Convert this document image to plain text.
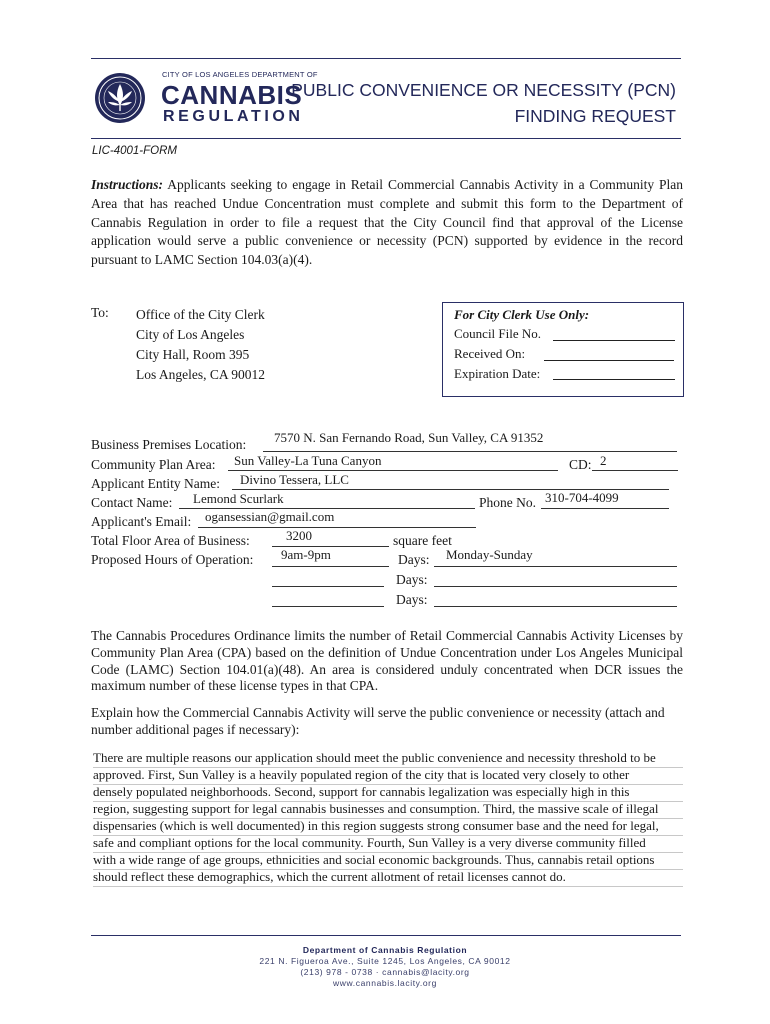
CITY OF LOS ANGELES DEPARTMENT OF
CANNABIS
REGULATION
PUBLIC CONVENIENCE OR NECESSITY (PCN)
FINDING REQUEST
LIC-4001-FORM
Instructions: Applicants seeking to engage in Retail Commercial Cannabis Activity in a Community Plan Area that has reached Undue Concentration must complete and submit this form to the Department of Cannabis Regulation in order to file a request that the City Council find that approval of the License application would serve a public convenience or necessity (PCN) supported by evidence in the record pursuant to LAMC Section 104.03(a)(4).
To: Office of the City Clerk
City of Los Angeles
City Hall, Room 395
Los Angeles, CA 90012
For City Clerk Use Only:
Council File No.
Received On:
Expiration Date:
Business Premises Location: 7570 N. San Fernando Road, Sun Valley, CA 91352
Community Plan Area: Sun Valley-La Tuna Canyon	CD: 2
Applicant Entity Name: Divino Tessera, LLC
Contact Name: Lemond Scurlark	Phone No. 310-704-4099
Applicant's Email: ogansessian@gmail.com
Total Floor Area of Business:	3200	square feet
Proposed Hours of Operation: 9am-9pm	Days: Monday-Sunday
Days:
Days:
The Cannabis Procedures Ordinance limits the number of Retail Commercial Cannabis Activity Licenses by Community Plan Area (CPA) based on the definition of Undue Concentration under Los Angeles Municipal Code (LAMC) Section 104.01(a)(48). An area is considered unduly concentrated when DCR issues the maximum number of these license types in that CPA.
Explain how the Commercial Cannabis Activity will serve the public convenience or necessity (attach and number additional pages if necessary):
There are multiple reasons our application should meet the public convenience and necessity threshold to be
approved. First, Sun Valley is a heavily populated region of the city that is located very closely to other
densely populated neighborhoods. Second, support for cannabis legalization was especially high in this
region, suggesting support for legal cannabis businesses and consumption. Third, the massive scale of illegal
dispensaries (which is well documented) in this region suggests strong consumer base and the need for legal,
safe and compliant options for the local community. Fourth, Sun Valley is a very diverse community filled
with a wide range of age groups, ethnicities and social economic backgrounds. Thus, cannabis retail options
should reflect these demographics, which the current allotment of retail licenses cannot do.
Department of Cannabis Regulation
221 N. Figueroa Ave., Suite 1245, Los Angeles, CA 90012
(213) 978 - 0738 · cannabis@lacity.org
www.cannabis.lacity.org
